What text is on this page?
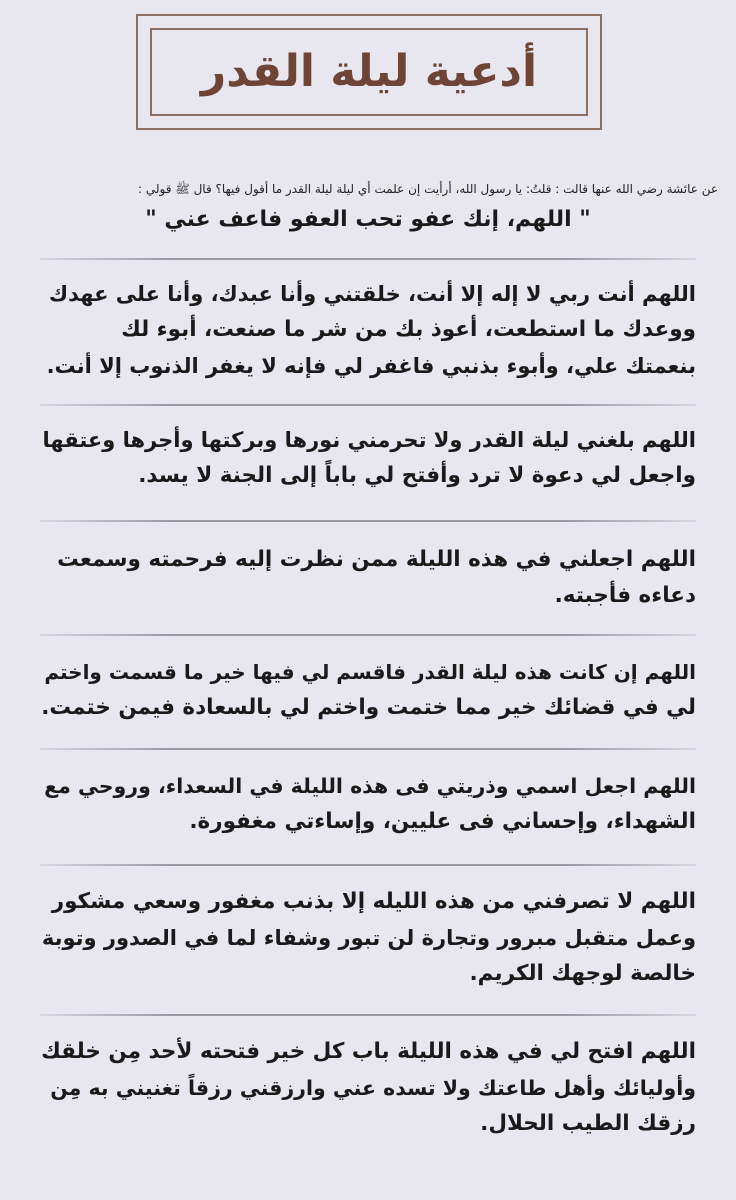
أدعية ليلة القدر
عن عائشة رضي الله عنها قالت : قلتُ: يا رسول الله، أرأيت إن علمت أي ليلة ليلة القدر ما أقول فيها؟ قال ﷺ قولي :
" اللهم، إنك عفو تحب العفو فاعف عني "
اللهم أنت ربي لا إله إلا أنت، خلقتني وأنا عبدك، وأنا على عهدك
ووعدك ما استطعت، أعوذ بك من شر ما صنعت، أبوء لك
بنعمتك علي، وأبوء بذنبي فاغفر لي فإنه لا يغفر الذنوب إلا أنت.
اللهم بلغني ليلة القدر ولا تحرمني نورها وبركتها وأجرها وعتقها
واجعل لي دعوة لا ترد وأفتح لي باباً إلى الجنة لا يسد.
اللهم اجعلني في هذه الليلة ممن نظرت إليه فرحمته وسمعت
دعاءه فأجبته.
اللهم إن كانت هذه ليلة القدر فاقسم لي فيها خير ما قسمت واختم
لي في قضائك خير مما ختمت واختم لي بالسعادة فيمن ختمت.
اللهم اجعل اسمي وذريتي فى هذه الليلة في السعداء، وروحي مع
الشهداء، وإحساني فى عليين، وإساءتي مغفورة.
اللهم لا تصرفني من هذه الليله إلا بذنب مغفور وسعي مشكور
وعمل متقبل مبرور وتجارة لن تبور وشفاء لما في الصدور وتوبة
خالصة لوجهك الكريم.
اللهم افتح لي في هذه الليلة باب كل خير فتحته لأحد مِن خلقك
وأوليائك وأهل طاعتك ولا تسده عني وارزقني رزقاً تغنيني به مِن
رزقك الطيب الحلال.
